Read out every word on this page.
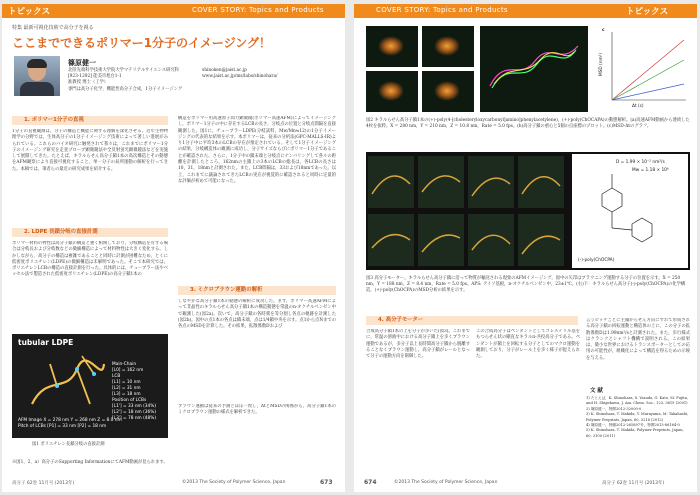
トピックス	COVER STORY: Topics and Products
特集 最新可視化技術で高分子を視る
ここまでできるポリマー1分子のイメージング！
篠原健一
北陸先端科学技術大学院大学マテリアルサイエンス研究科
[923-1292] 能美市旭台1-1
准教授 博士（工学）
専門は高分子化学，機能性高分子合成，1分子イメージング
shinoken@jaist.ac.jp
www.jaist.ac.jp/ms/labs/shinohara/
1. ポリマー1分子の直視
1分子の直視観測は，分子の構造と機能に関する理解を深化させる。近年生物物理学の分野では，生体高分子の1分子イメージング技術によって著しい進展がみられている。これらのバイオ研究に触発されて我々は，これまでにポリマー1分子のイメージング研究を走査プローブ顕微鏡法や全反射蛍光顕微鏡法などを実施して展開してきた。たとえば，キラルらせん高分子鎖1本の高次構造とその動態をAFM観察により直接可視化すること，単一分子の局所運動の解析を行ってきた。本稿では，筆者らの最近の研究成果を紹介する。
2. LDPE 長鎖分岐の直接計測
ポリマー材料の物性は高分子鎖の構造と強く相関しており，分岐構造を有する場合は分岐長および分岐数などの微細構造によって材料物性は大きく変化する。しかしながら，高分子の構造は複雑であることと同時に計測が困難なため，とくに低密度ポリエチレン(LDPE)の微細構造は未解明であった。そこで本研究では，ポリエチレンLCBの構造の直接計測を行った。具体的には，チューブラー法やベッセル法で製造された低密度ポリエチレン(LDPE)の高分子鎖1本の
構造をポリマー用高速原子間力顕微鏡(ポリマー高速AFM)によってイメージングし，ポリマー1分子の中に存在するLCBの長さ，分岐点の位置と分岐点間隔を直接観測した。図1に，チューブラーLDPE(分岐試料，Mw/Mn≒12)の1分子イメージングの代表的な結果を示す。本ポリマーは，従来の分析法(GPC-MALLS-IR)より1分子中に平均3本のLCBの存在が推定されている。そして1分子イメージングの結果，分岐構造体の観測に成功し，分子サイズならびにポリマー1分子であることが確認された。さらに，1分子中の鎖末端と分岐点にナンバリングして各々の距離を計測したところ，162nmの主鎖上の3本のLCBの総長は，各LCBの長さは10，31，18nmと計測された。また，LCB間隔は，33および18nmであった。以上，これまでに議論されてきたLCBの実在が視覚的に確認されると同時に定量的な評価が初めて可能になった。
3. ミクロブラウン運動の解析
しなやかな高分子鎖1本の動態の解析に成功した。まず，ポリマー高速AFMによって非晶性のキラルらせん高分子鎖1本の構造動態を常温のn-オクチルベンゼン中で観測した(図2a)。次いで，高分子鎖の各時刻を等分割し各点の軌跡を計測した(図2b)。図中の点1本の各点は鎖末端，点は1/4鎖中央を示す。点1から点Nまでの各点のMSDを計算した。その結果，拡散係数Dおよび
ブラウン運動は従来の予測とほぼ一致し，ΔtとMSDの関係から，高分子鎖1本のミクロブラウン運動の様式を解析できた。
tubular LDPE
Main-Chain
[L0] = 162 nm
LCB
[L1] = 10 nm
[L2] = 31 nm
[L3] = 18 nm
Position of LCBs
[L1'] = 33 nm (34%)
[L2'] = 18 nm (36%)
[L3'] = 78 nm (48%)
AFM Image X = 278 nm Y = 268 nm Z = 8.0 nm
Pitch of LCBs [P1] = 33 nm [P2] = 18 nm
図1 ポリエチレン長鎖分岐の直接計測
※図1，2，a）高分子のSupporting InformationにてAFM動画が見られます。
高分子 62巻 11月号 (2013年)	©2013 The Society of Polymer Science, Japan	673
COVER STORY: Topics and Products	トピックス
c
Δt (s)
MSD (nm²)
図2 キラルらせん高分子鎖1本の(+)-poly(4-[cholesteryloxycarbonyl]amino]phenylacetylene)，(+)-poly(ChOCAPA)の動態解析。(a)高速AFM動画から連続した4枚を抜粋。X = 280 nm，Y = 210 nm，Z = 10.8 nm，Rate = 5.0 fps。(b)高分子鎖の重心と5個の点座標のプロット。(c)MSD-Δtのグラフ。
D = 1.99 × 10⁻² nm²/s
Mw = 1.18 × 10⁶
(-)-poly(ChOCPA)
図3 高分子モーター。キラルらせん高分子鎖に沿って物質が輸送される現象のAFMイメージング。図中の矢印はブラウニング運動する分子の位置を示す。X = 250 nm，Y = 188 nm，Z = 8.4 nm，Rate = 5.0 fps。APS: アイソ基板，n-オクチルベンゼン中，23±1℃。(右)下：キラルらせん高分子(-)-poly(ChOCPA)の化学構造，(+)-poly(ChOCPA)のMSD分析の結果を示す。
4. 高分子モーター
合成高分子鎖1本の上を分子が歩いた(図3)。これまでに，常温の溶液中における高分子鎖上を歩くブラウン運動であるが，多分子以上長時間高分子鎖から脱離することなくブラウン運動し，高分子鎖がレールとなって分子の運動方向を制御した。
この合成高分子はペンダントとしてコレステリル基をもつらせん状の剛直なキラルπ-共役高分子である。ペンダントが鎖上を回転する分子としてのマクロ運動を観測しており，分子がレール上を歩く様子が捉えられた。
言うピッチごとに主鎖からせん方向にずれて形成される高分子鎖の回転運動と構造体の上に，この分子の拡散係数Dは1.99nm²/sと計測された。また，歩行様式はクランクとシャフト機構で説明される。この結果は，微小な世界におけるトランスポーターとしての応用の可能性が，組織化によって構造を得るための示唆を与える。
文 献
1) たとえば，K. Shinohara, S. Yasuda, G. Kato, M. Fujita, and H. Shigekawa, J. Am. Chem. Soc., 123, 3619 (2001)
2) 篠原健一，特開2012-32000-0
3) K. Shinohara, T. Makida, Y. Murayama, M. Takahashi, Polymer Preprints, Japan, 60, 3218 (2012)
4) 篠原健一，特願2012-265897号，特開2013-86164-0
5) K. Shinohara, T. Makida, Polymer Preprints, Japan, 60, 3100 (2011)
674	©2013 The Society of Polymer Science, Japan	高分子 62巻 11月号 (2013年)
